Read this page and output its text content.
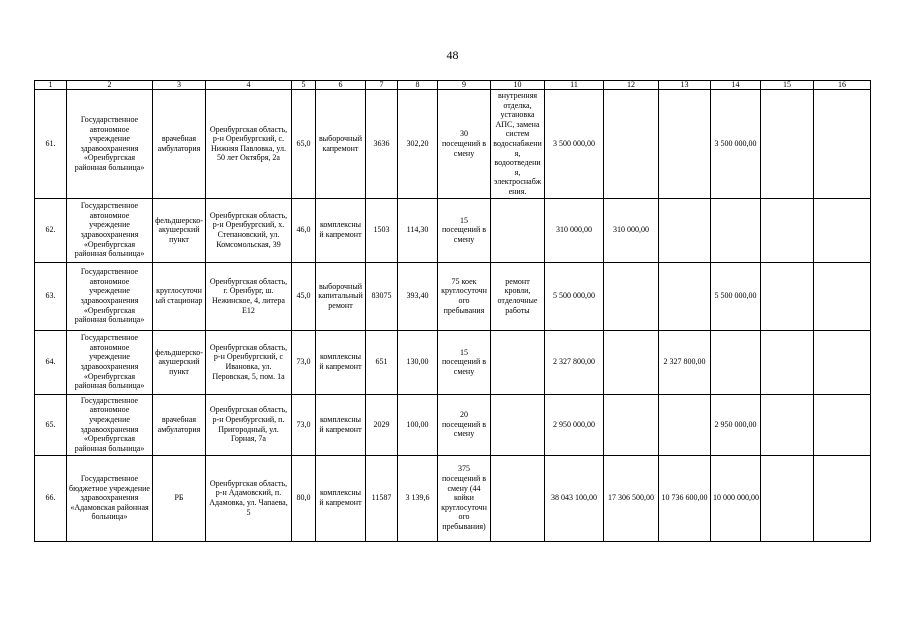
48
1	2	3	4	5	6	7	8	9	10	11	12	13	14	15	16
61.	Государственное автономное учреждение здравоохранения «Оренбургская районная больница»	врачебная амбулатория	Оренбургская область, р-н Оренбургский, с. Нижняя Павловка, ул. 50 лет Октября, 2а	65,0	выборочный капремонт	3636	302,20	30 посещений в смену	внутренняя отделка, установка АПС, замена систем водоснабжения, водоотведения, электроснабжения.	3 500 000,00			3 500 000,00		
62.	Государственное автономное учреждение здравоохранения «Оренбургская районная больница»	фельдшерско-акушерский пункт	Оренбургская область, р-н Оренбургский, х. Степановский, ул. Комсомольская, 39	46,0	комплексный капремонт	1503	114,30	15 посещений в смену		310 000,00	310 000,00				
63.	Государственное автономное учреждение здравоохранения «Оренбургская районная больница»	круглосуточный стационар	Оренбургская область, г. Оренбург, ш. Нежинское, 4, литера Е12	45,0	выборочный капитальный ремонт	83075	393,40	75 коек круглосуточного пребывания	ремонт кровли, отделочные работы	5 500 000,00			5 500 000,00		
64.	Государственное автономное учреждение здравоохранения «Оренбургская районная больница»	фельдшерско-акушерский пункт	Оренбургская область, р-н Оренбургский, с Ивановка, ул. Перовская, 5, пом. 1а	73,0	комплексный капремонт	651	130,00	15 посещений в смену		2 327 800,00		2 327 800,00			
65.	Государственное автономное учреждение здравоохранения «Оренбургская районная больница»	врачебная амбулатория	Оренбургская область, р-н Оренбургский, п. Пригородный, ул. Горная, 7а	73,0	комплексный капремонт	2029	100,00	20 посещений в смену		2 950 000,00			2 950 000,00		
66.	Государственное бюджетное учреждение здравоохранения «Адамовская районная больница»	РБ	Оренбургская область, р-н Адамовский, п. Адамовка, ул. Чапаева, 5	80,0	комплексный капремонт	11587	3 139,6	375 посещений в смену (44 койки круглосуточного пребывания)		38 043 100,00	17 306 500,00	10 736 600,00	10 000 000,00		
